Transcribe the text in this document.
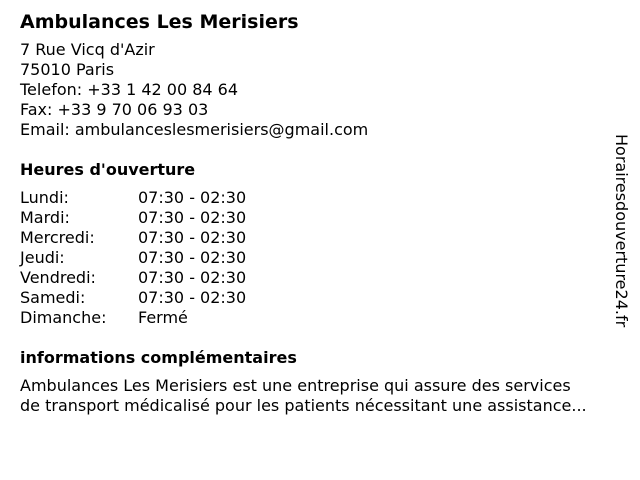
Ambulances Les Merisiers
7 Rue Vicq d'Azir
75010 Paris
Telefon: +33 1 42 00 84 64
Fax: +33 9 70 06 93 03
Email: ambulanceslesmerisiers@gmail.com
Heures d'ouverture
Lundi:	07:30 - 02:30
Mardi:	07:30 - 02:30
Mercredi:	07:30 - 02:30
Jeudi:	07:30 - 02:30
Vendredi:	07:30 - 02:30
Samedi:	07:30 - 02:30
Dimanche:	Fermé
informations complémentaires
Ambulances Les Merisiers est une entreprise qui assure des services
de transport médicalisé pour les patients nécessitant une assistance...
Horairesdouverture24.fr
